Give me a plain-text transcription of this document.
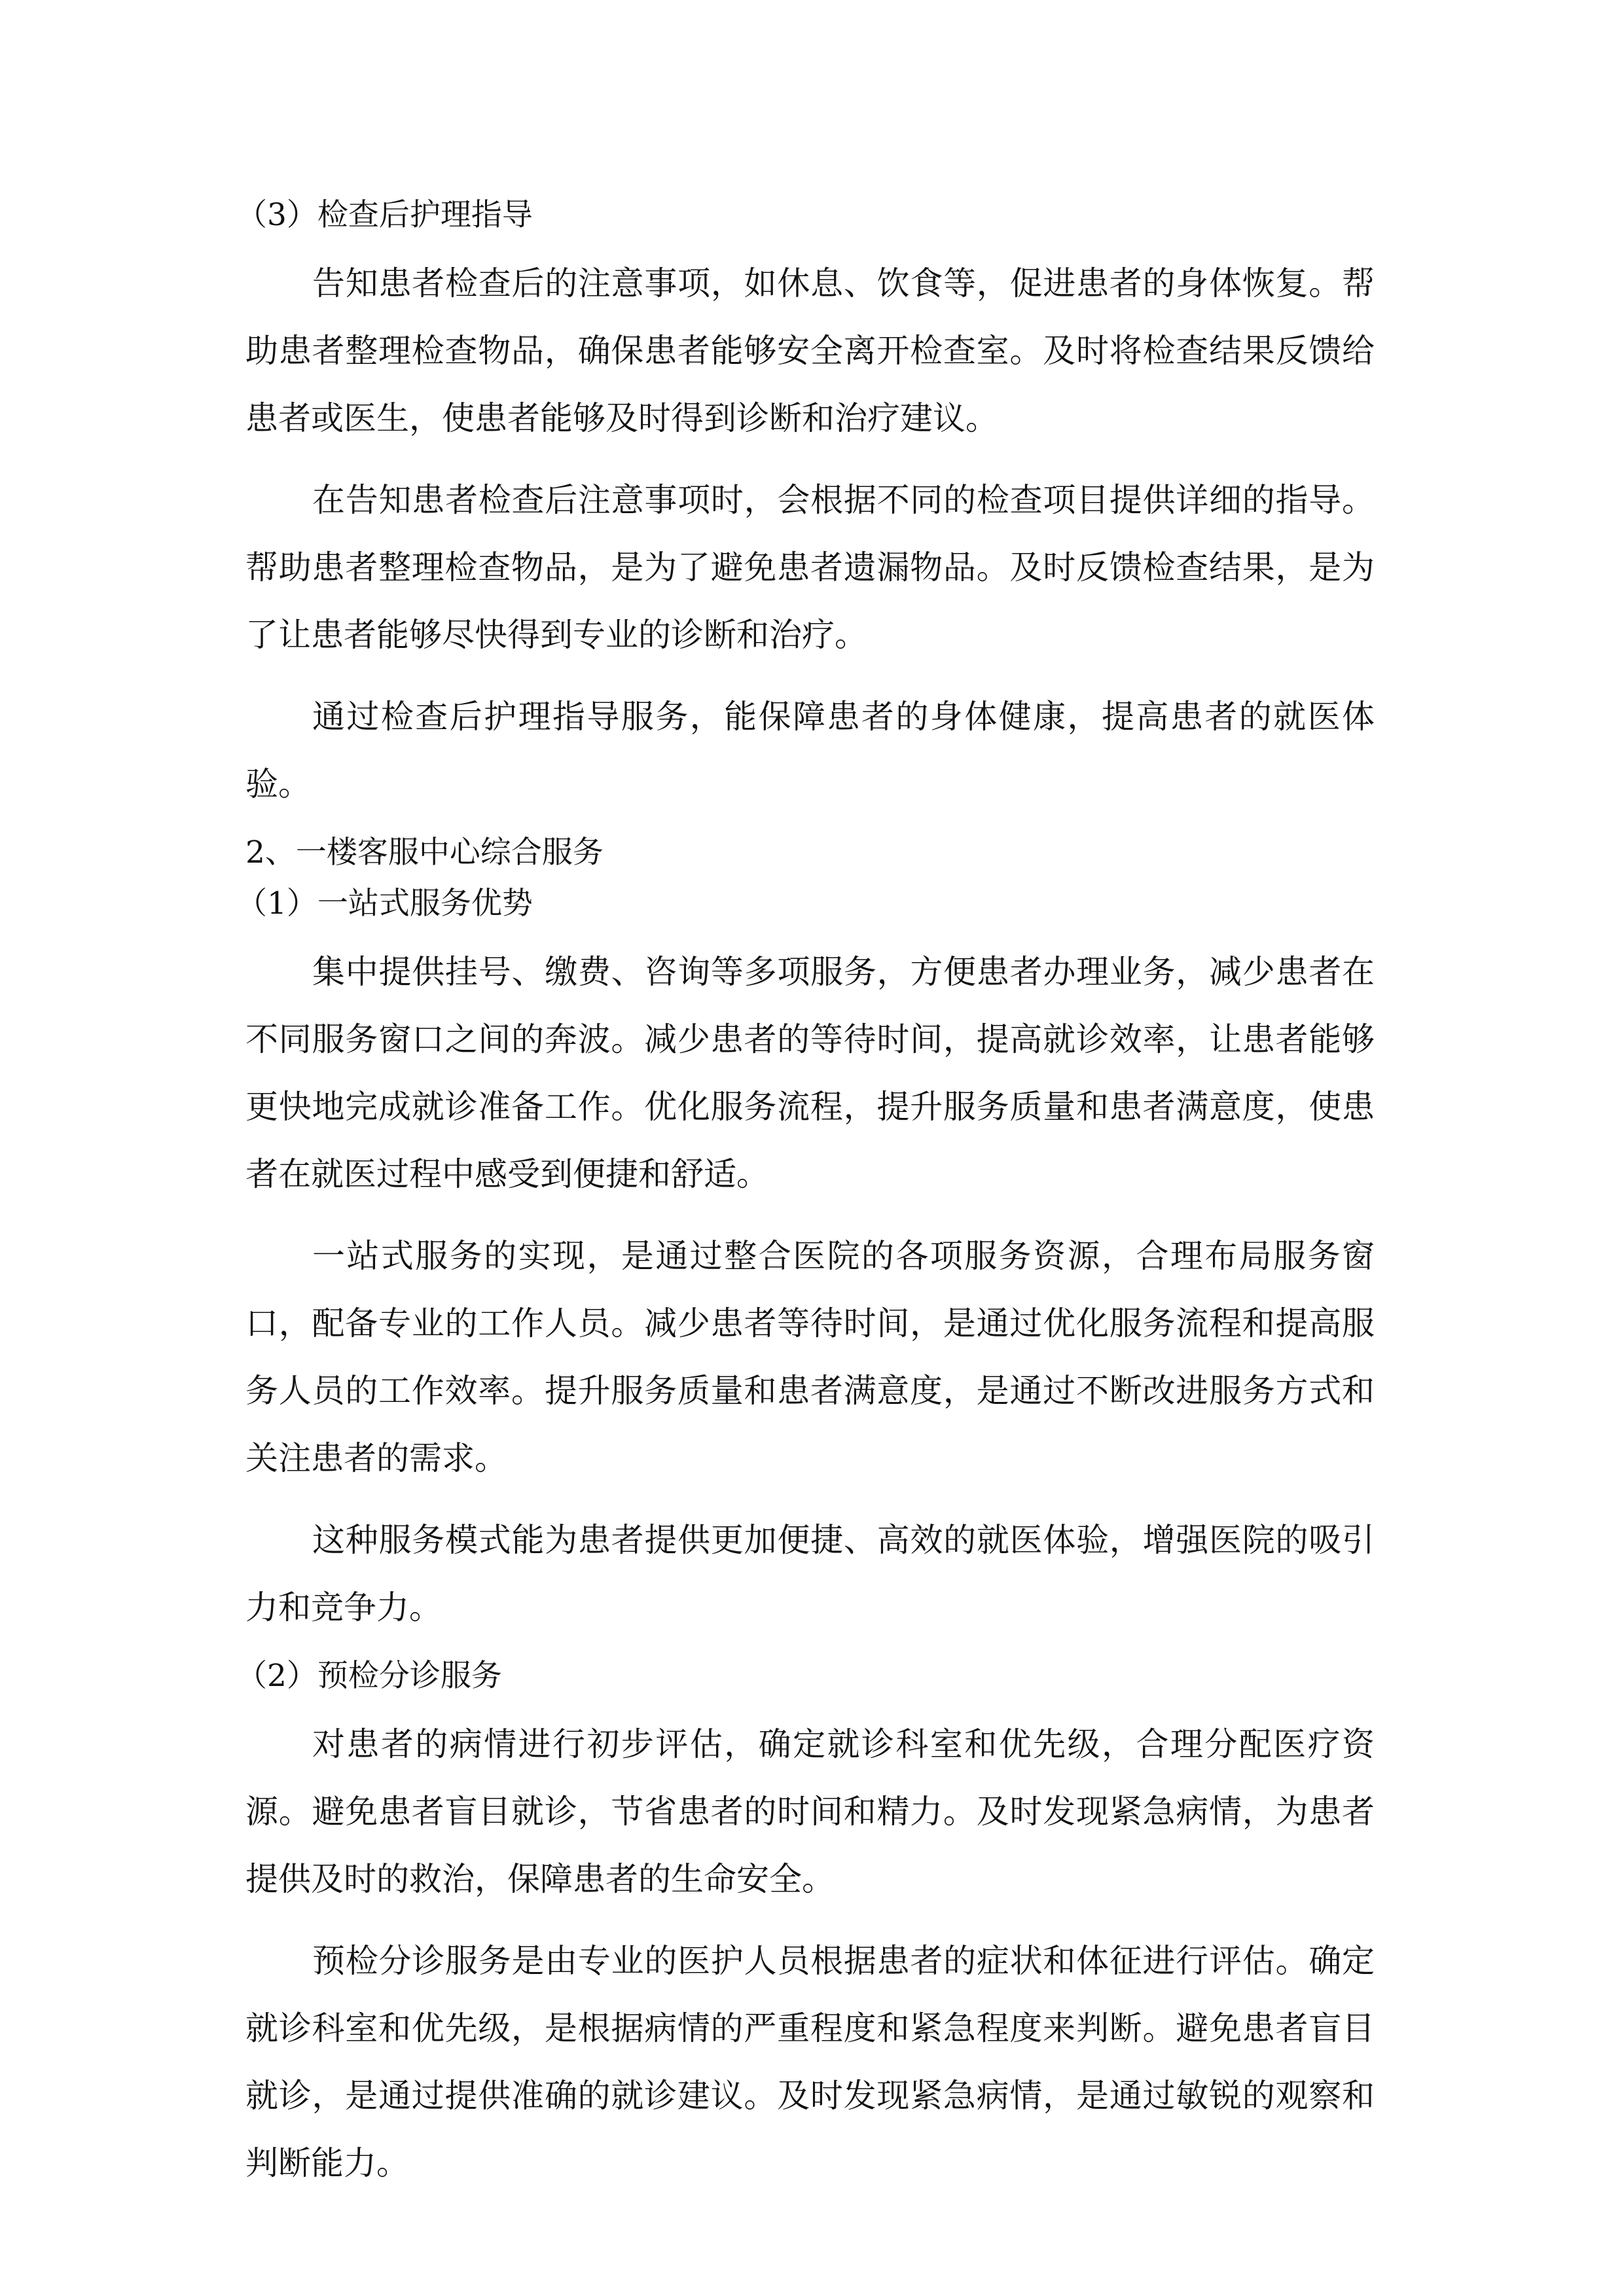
（3）检查后护理指导

告知患者检查后的注意事项，如休息、饮食等，促进患者的身体恢复。帮助患者整理检查物品，确保患者能够安全离开检查室。及时将检查结果反馈给患者或医生，使患者能够及时得到诊断和治疗建议。

在告知患者检查后注意事项时，会根据不同的检查项目提供详细的指导。帮助患者整理检查物品，是为了避免患者遗漏物品。及时反馈检查结果，是为了让患者能够尽快得到专业的诊断和治疗。

通过检查后护理指导服务，能保障患者的身体健康，提高患者的就医体验。

2、一楼客服中心综合服务

（1）一站式服务优势

集中提供挂号、缴费、咨询等多项服务，方便患者办理业务，减少患者在不同服务窗口之间的奔波。减少患者的等待时间，提高就诊效率，让患者能够更快地完成就诊准备工作。优化服务流程，提升服务质量和患者满意度，使患者在就医过程中感受到便捷和舒适。

一站式服务的实现，是通过整合医院的各项服务资源，合理布局服务窗口，配备专业的工作人员。减少患者等待时间，是通过优化服务流程和提高服务人员的工作效率。提升服务质量和患者满意度，是通过不断改进服务方式和关注患者的需求。

这种服务模式能为患者提供更加便捷、高效的就医体验，增强医院的吸引力和竞争力。

（2）预检分诊服务

对患者的病情进行初步评估，确定就诊科室和优先级，合理分配医疗资源。避免患者盲目就诊，节省患者的时间和精力。及时发现紧急病情，为患者提供及时的救治，保障患者的生命安全。

预检分诊服务是由专业的医护人员根据患者的症状和体征进行评估。确定就诊科室和优先级，是根据病情的严重程度和紧急程度来判断。避免患者盲目就诊，是通过提供准确的就诊建议。及时发现紧急病情，是通过敏锐的观察和判断能力。
